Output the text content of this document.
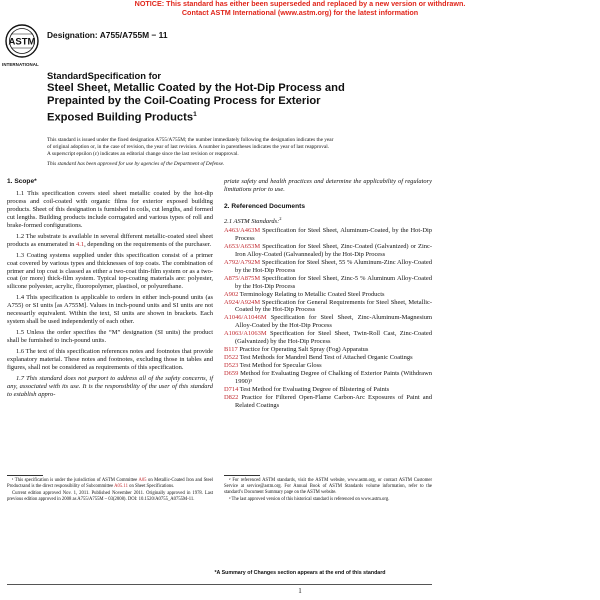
NOTICE: This standard has either been superseded and replaced by a new version or withdrawn.
Contact ASTM International (www.astm.org) for the latest information
ASTM
INTERNATIONAL
Designation: A755/A755M − 11
StandardSpecification for
Steel Sheet, Metallic Coated by the Hot-Dip Process and
Prepainted by the Coil-Coating Process for Exterior
Exposed Building Products$^1$
This standard is issued under the fixed designation A755/A755M; the number immediately following the designation indicates the year
of original adoption or, in the case of revision, the year of last revision. A number in parentheses indicates the year of last reapproval.
A superscript epsilon (ε) indicates an editorial change since the last revision or reapproval.
This standard has been approved for use by agencies of the Department of Defense.
1. Scope*

1.1 This specification covers steel sheet metallic coated by the hot-dip process and coil-coated with organic films for exterior exposed building products. Sheet of this designation is furnished in coils, cut lengths, and formed cut lengths. Building products include corrugated and various types of roll and brake-formed configurations.

1.2 The substrate is available in several different metallic-coated steel sheet products as enumerated in 4.1, depending on the requirements of the purchaser.

1.3 Coating systems supplied under this specification consist of a primer coat covered by various types and thicknesses of top coats. The combination of primer and top coat is classed as either a two-coat thin-film system or as a two-coat (or more) thick-film system. Typical top-coating materials are: polyester, silicone polyester, acrylic, fluoropolymer, plastisol, or polyurethane.

1.4 This specification is applicable to orders in either inch-pound units (as A755) or SI units [as A755M]. Values in inch-pound units and SI units are not necessarily equivalent. Within the text, SI units are shown in brackets. Each system shall be used independently of each other.

1.5 Unless the order specifies the “M” designation (SI units) the product shall be furnished to inch-pound units.

1.6 The text of this specification references notes and footnotes that provide explanatory material. These notes and footnotes, excluding those in tables and figures, shall not be considered as requirements of this specification.

1.7 This standard does not purport to address all of the safety concerns, if any, associated with its use. It is the responsibility of the user of this standard to establish appro-

priate safety and health practices and determine the applicability of regulatory limitations prior to use.

2. Referenced Documents
2.1 ASTM Standards:$^2$

A463/A463M Specification for Steel Sheet, Aluminum-Coated, by the Hot-Dip Process

A653/A653M Specification for Steel Sheet, Zinc-Coated (Galvanized) or Zinc-Iron Alloy-Coated (Galvannealed) by the Hot-Dip Process

A792/A792M Specification for Steel Sheet, 55 % Aluminum-Zinc Alloy-Coated by the Hot-Dip Process

A875/A875M Specification for Steel Sheet, Zinc-5 % Aluminum Alloy-Coated by the Hot-Dip Process

A902 Terminology Relating to Metallic Coated Steel Products

A924/A924M Specification for General Requirements for Steel Sheet, Metallic-Coated by the Hot-Dip Process

A1046/A1046M Specification for Steel Sheet, Zinc-Aluminum-Magnesium Alloy-Coated by the Hot-Dip Process

A1063/A1063M Specification for Steel Sheet, Twin-Roll Cast, Zinc-Coated (Galvanized) by the Hot-Dip Process

B117 Practice for Operating Salt Spray (Fog) Apparatus

D522 Test Methods for Mandrel Bend Test of Attached Organic Coatings

D523 Test Method for Specular Gloss

D659 Method for Evaluating Degree of Chalking of Exterior Paints (Withdrawn 1990)³

D714 Test Method for Evaluating Degree of Blistering of Paints

D822 Practice for Filtered Open-Flame Carbon-Arc Exposures of Paint and Related Coatings

¹ This specification is under the jurisdiction of ASTM Committee A05 on Metallic-Coated Iron and Steel Productsand is the direct responsibility of Subcommittee A05.11 on Sheet Specifications.

Current edition approved Nov. 1, 2011. Published November 2011. Originally approved in 1978. Last previous edition approved in 2008 as A755/A755M – 03(2008). DOI: 10.1520/A0755_A0755M-11.

² For referenced ASTM standards, visit the ASTM website, www.astm.org, or contact ASTM Customer Service at service@astm.org. For Annual Book of ASTM Standards volume information, refer to the standard’s Document Summary page on the ASTM website.

³ The last approved version of this historical standard is referenced on www.astm.org.

*A Summary of Changes section appears at the end of this standard
1
